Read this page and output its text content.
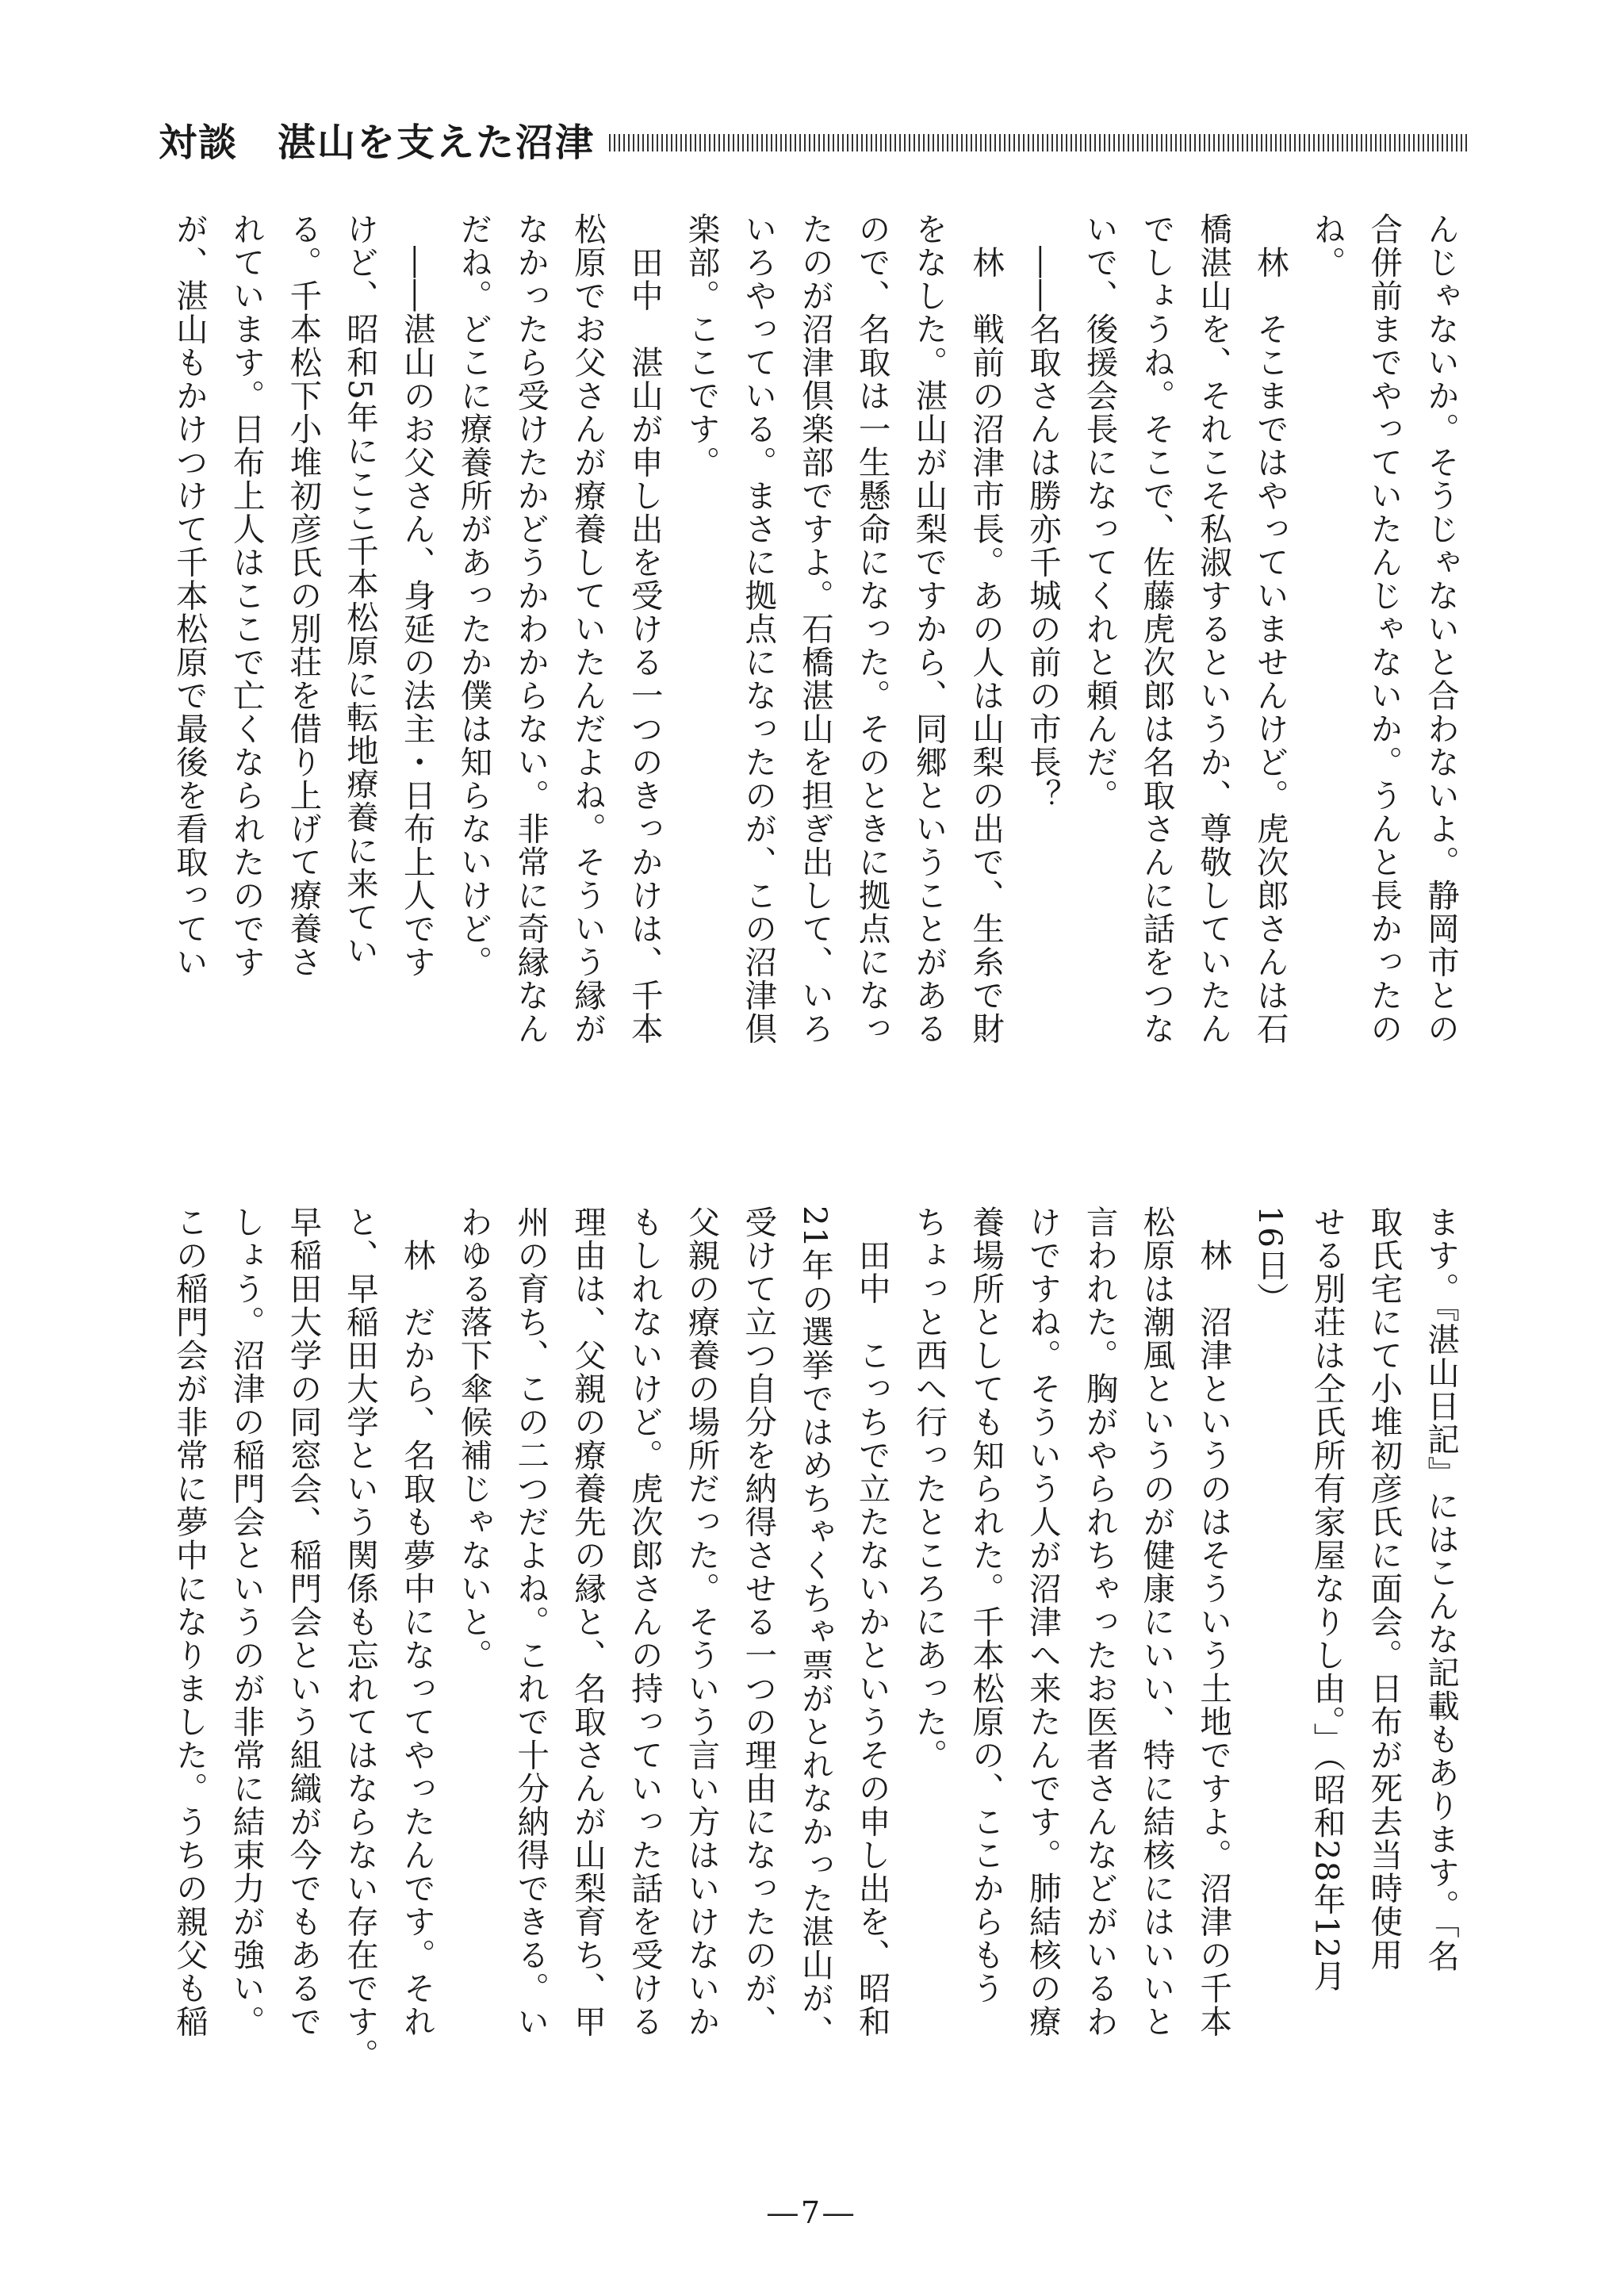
対談　湛山を支えた沼津
んじゃないか。そうじゃないと合わないよ。静岡市との
合併前までやっていたんじゃないか。うんと長かったの
ね。
　林　そこまではやっていませんけど。虎次郎さんは石
橋湛山を、それこそ私淑するというか、尊敬していたん
でしょうね。そこで、佐藤虎次郎は名取さんに話をつな
いで、後援会長になってくれと頼んだ。
　――名取さんは勝亦千城の前の市長？
　林　戦前の沼津市長。あの人は山梨の出で、生糸で財
をなした。湛山が山梨ですから、同郷ということがある
ので、名取は一生懸命になった。そのときに拠点になっ
たのが沼津倶楽部ですよ。石橋湛山を担ぎ出して、いろ
いろやっている。まさに拠点になったのが、この沼津倶
楽部。ここです。
　田中　湛山が申し出を受ける一つのきっかけは、千本
松原でお父さんが療養していたんだよね。そういう縁が
なかったら受けたかどうかわからない。非常に奇縁なん
だね。どこに療養所があったか僕は知らないけど。
　――湛山のお父さん、身延の法主・日布上人です
けど、昭和5年にここ千本松原に転地療養に来てい
る。千本松下小堆初彦氏の別荘を借り上げて療養さ
れています。日布上人はここで亡くなられたのです
が、湛山もかけつけて千本松原で最後を看取ってい
ます。『湛山日記』にはこんな記載もあります。「名
取氏宅にて小堆初彦氏に面会。日布が死去当時使用
せる別荘は仝氏所有家屋なりし由。」（昭和28年12月
16日）
　林　沼津というのはそういう土地ですよ。沼津の千本
松原は潮風というのが健康にいい、特に結核にはいいと
言われた。胸がやられちゃったお医者さんなどがいるわ
けですね。そういう人が沼津へ来たんです。肺結核の療
養場所としても知られた。千本松原の、ここからもう
ちょっと西へ行ったところにあった。
　田中　こっちで立たないかというその申し出を、昭和
21年の選挙ではめちゃくちゃ票がとれなかった湛山が、
受けて立つ自分を納得させる一つの理由になったのが、
父親の療養の場所だった。そういう言い方はいけないか
もしれないけど。虎次郎さんの持っていった話を受ける
理由は、父親の療養先の縁と、名取さんが山梨育ち、甲
州の育ち、この二つだよね。これで十分納得できる。い
わゆる落下傘候補じゃないと。
　林　だから、名取も夢中になってやったんです。それ
と、早稲田大学という関係も忘れてはならない存在です。
早稲田大学の同窓会、稲門会という組織が今でもあるで
しょう。沼津の稲門会というのが非常に結束力が強い。
この稲門会が非常に夢中になりました。うちの親父も稲
―7―
